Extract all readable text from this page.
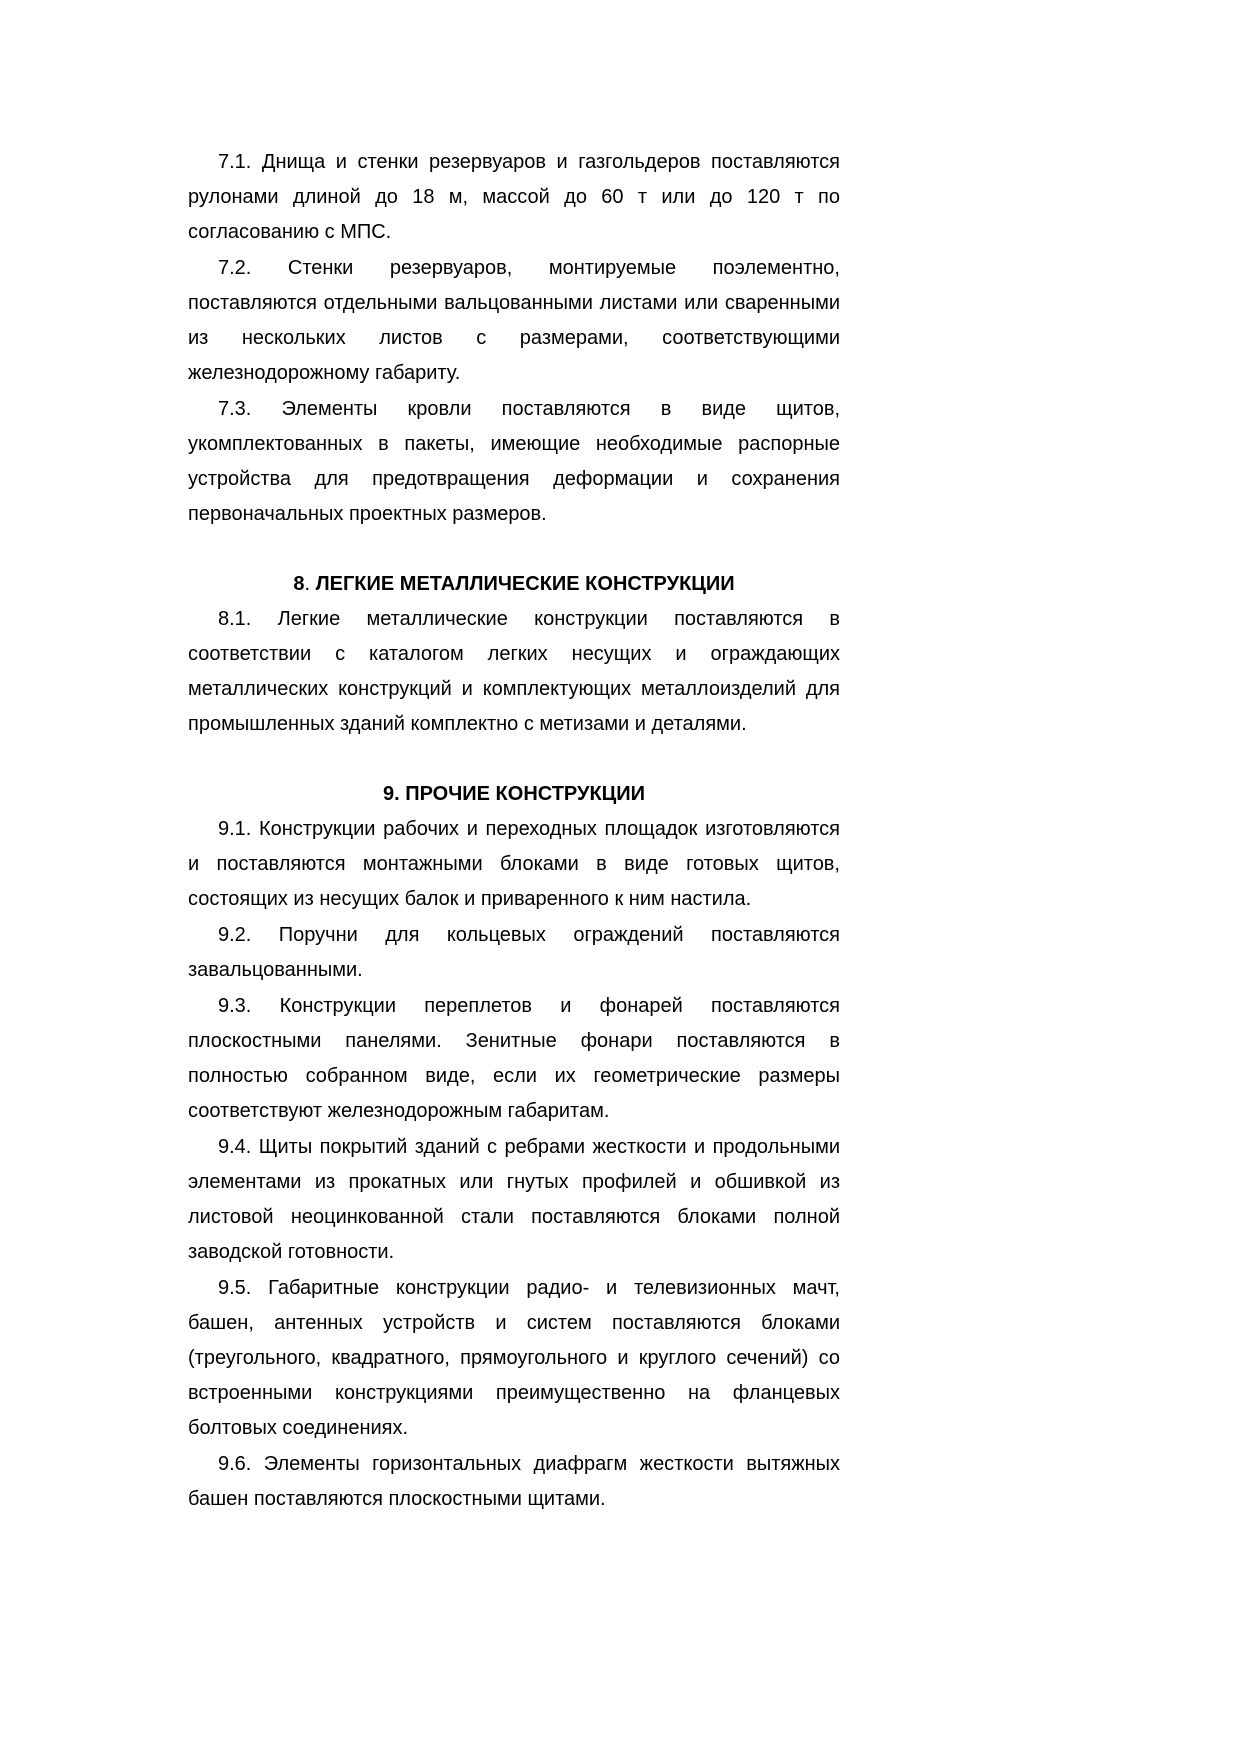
7.1. Днища и стенки резервуаров и газгольдеров поставляются рулонами длиной до 18 м, массой до 60 т или до 120 т по согласованию с МПС.

7.2. Стенки резервуаров, монтируемые поэлементно, поставляются отдельными вальцованными листами или сваренными из нескольких листов с размерами, соответствующими железнодорожному габариту.

7.3. Элементы кровли поставляются в виде щитов, укомплектованных в пакеты, имеющие необходимые распорные устройства для предотвращения деформации и сохранения первоначальных проектных размеров.

8. ЛЕГКИЕ МЕТАЛЛИЧЕСКИЕ КОНСТРУКЦИИ

8.1. Легкие металлические конструкции поставляются в соответствии с каталогом легких несущих и ограждающих металлических конструкций и комплектующих металлоизделий для промышленных зданий комплектно с метизами и деталями.

9. ПРОЧИЕ КОНСТРУКЦИИ

9.1. Конструкции рабочих и переходных площадок изготовляются и поставляются монтажными блоками в виде готовых щитов, состоящих из несущих балок и приваренного к ним настила.

9.2. Поручни для кольцевых ограждений поставляются завальцованными.

9.3. Конструкции переплетов и фонарей поставляются плоскостными панелями. Зенитные фонари поставляются в полностью собранном виде, если их геометрические размеры соответствуют железнодорожным габаритам.

9.4. Щиты покрытий зданий с ребрами жесткости и продольными элементами из прокатных или гнутых профилей и обшивкой из листовой неоцинкованной стали поставляются блоками полной заводской готовности.

9.5. Габаритные конструкции радио- и телевизионных мачт, башен, антенных устройств и систем поставляются блоками (треугольного, квадратного, прямоугольного и круглого сечений) со встроенными конструкциями преимущественно на фланцевых болтовых соединениях.

9.6. Элементы горизонтальных диафрагм жесткости вытяжных башен поставляются плоскостными щитами.
